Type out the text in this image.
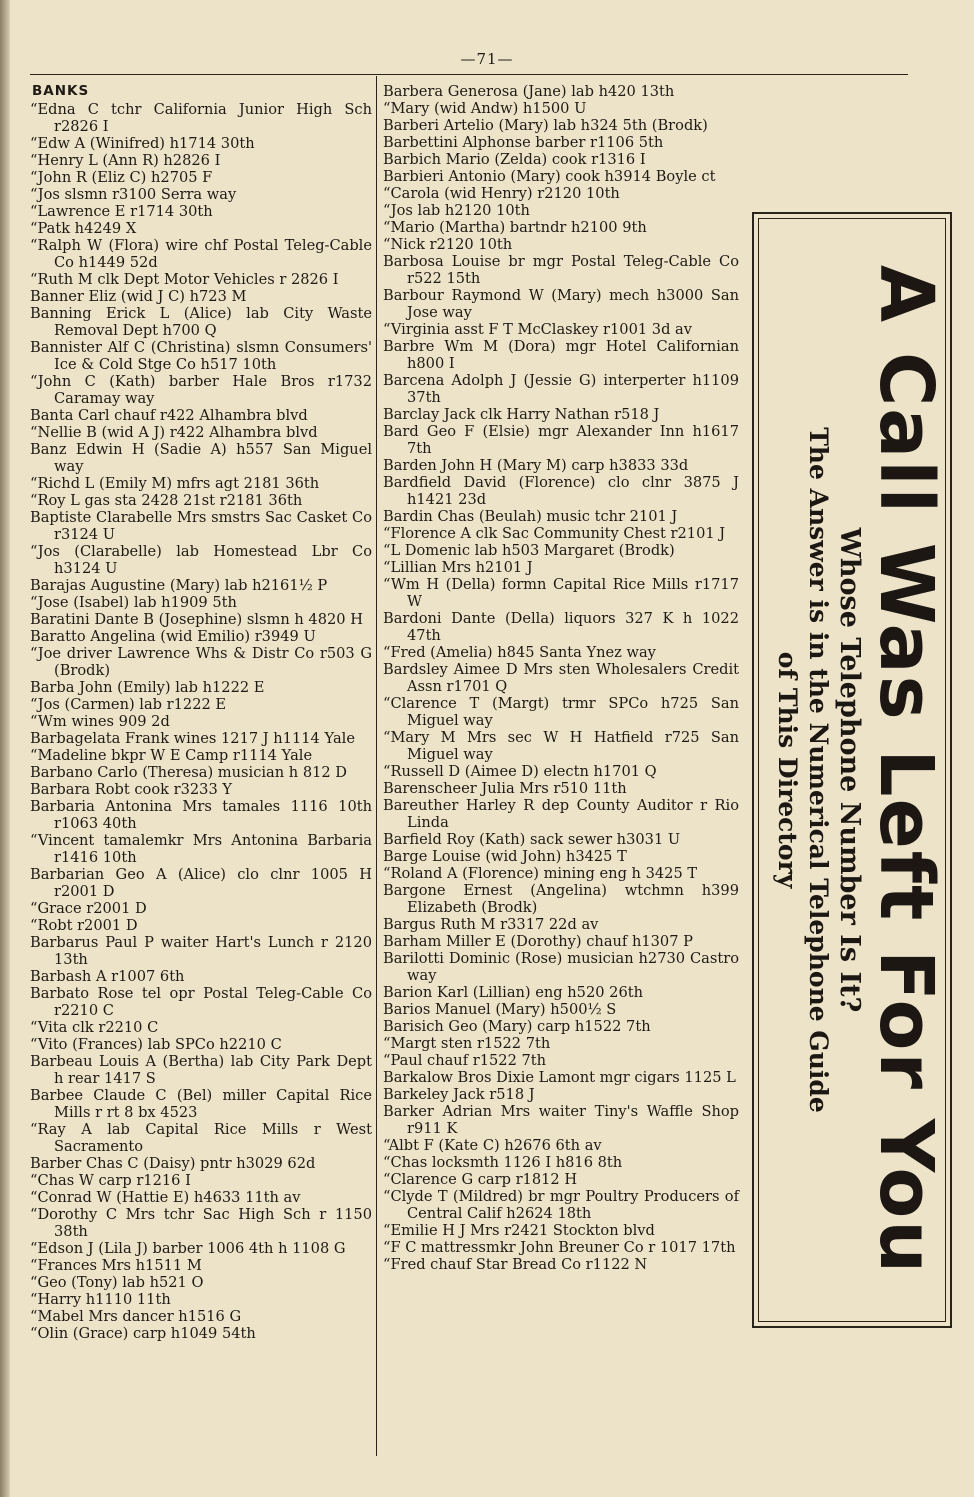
—71—
BANKS
“Edna C tchr California Junior High Sch r2826 I
“Edw A (Winifred) h1714 30th
“Henry L (Ann R) h2826 I
“John R (Eliz C) h2705 F
“Jos slsmn r3100 Serra way
“Lawrence E r1714 30th
“Patk h4249 X
“Ralph W (Flora) wire chf Postal Teleg-Cable Co h1449 52d
“Ruth M clk Dept Motor Vehicles r 2826 I
Banner Eliz (wid J C) h723 M
Banning Erick L (Alice) lab City Waste Removal Dept h700 Q
Bannister Alf C (Christina) slsmn Consumers' Ice & Cold Stge Co h517 10th
“John C (Kath) barber Hale Bros r1732 Caramay way
Banta Carl chauf r422 Alhambra blvd
“Nellie B (wid A J) r422 Alhambra blvd
Banz Edwin H (Sadie A) h557 San Miguel way
“Richd L (Emily M) mfrs agt 2181 36th
“Roy L gas sta 2428 21st r2181 36th
Baptiste Clarabelle Mrs smstrs Sac Casket Co r3124 U
“Jos (Clarabelle) lab Homestead Lbr Co h3124 U
Barajas Augustine (Mary) lab h2161½ P
“Jose (Isabel) lab h1909 5th
Baratini Dante B (Josephine) slsmn h 4820 H
Baratto Angelina (wid Emilio) r3949 U
“Joe driver Lawrence Whs & Distr Co r503 G (Brodk)
Barba John (Emily) lab h1222 E
“Jos (Carmen) lab r1222 E
“Wm wines 909 2d
Barbagelata Frank wines 1217 J h1114 Yale
“Madeline bkpr W E Camp r1114 Yale
Barbano Carlo (Theresa) musician h 812 D
Barbara Robt cook r3233 Y
Barbaria Antonina Mrs tamales 1116 10th r1063 40th
“Vincent tamalemkr Mrs Antonina Barbaria r1416 10th
Barbarian Geo A (Alice) clo clnr 1005 H r2001 D
“Grace r2001 D
“Robt r2001 D
Barbarus Paul P waiter Hart's Lunch r 2120 13th
Barbash A r1007 6th
Barbato Rose tel opr Postal Teleg-Cable Co r2210 C
“Vita clk r2210 C
“Vito (Frances) lab SPCo h2210 C
Barbeau Louis A (Bertha) lab City Park Dept h rear 1417 S
Barbee Claude C (Bel) miller Capital Rice Mills r rt 8 bx 4523
“Ray A lab Capital Rice Mills r West Sacramento
Barber Chas C (Daisy) pntr h3029 62d
“Chas W carp r1216 I
“Conrad W (Hattie E) h4633 11th av
“Dorothy C Mrs tchr Sac High Sch r 1150 38th
“Edson J (Lila J) barber 1006 4th h 1108 G
“Frances Mrs h1511 M
“Geo (Tony) lab h521 O
“Harry h1110 11th
“Mabel Mrs dancer h1516 G
“Olin (Grace) carp h1049 54th
Barbera Generosa (Jane) lab h420 13th
“Mary (wid Andw) h1500 U
Barberi Artelio (Mary) lab h324 5th (Brodk)
Barbettini Alphonse barber r1106 5th
Barbich Mario (Zelda) cook r1316 I
Barbieri Antonio (Mary) cook h3914 Boyle ct
“Carola (wid Henry) r2120 10th
“Jos lab h2120 10th
“Mario (Martha) bartndr h2100 9th
“Nick r2120 10th
Barbosa Louise br mgr Postal Teleg-Cable Co r522 15th
Barbour Raymond W (Mary) mech h3000 San Jose way
“Virginia asst F T McClaskey r1001 3d av
Barbre Wm M (Dora) mgr Hotel Californian h800 I
Barcena Adolph J (Jessie G) interperter h1109 37th
Barclay Jack clk Harry Nathan r518 J
Bard Geo F (Elsie) mgr Alexander Inn h1617 7th
Barden John H (Mary M) carp h3833 33d
Bardfield David (Florence) clo clnr 3875 J h1421 23d
Bardin Chas (Beulah) music tchr 2101 J
“Florence A clk Sac Community Chest r2101 J
“L Domenic lab h503 Margaret (Brodk)
“Lillian Mrs h2101 J
“Wm H (Della) formn Capital Rice Mills r1717 W
Bardoni Dante (Della) liquors 327 K h 1022 47th
“Fred (Amelia) h845 Santa Ynez way
Bardsley Aimee D Mrs sten Wholesalers Credit Assn r1701 Q
“Clarence T (Margt) trmr SPCo h725 San Miguel way
“Mary M Mrs sec W H Hatfield r725 San Miguel way
“Russell D (Aimee D) electn h1701 Q
Barenscheer Julia Mrs r510 11th
Bareuther Harley R dep County Auditor r Rio Linda
Barfield Roy (Kath) sack sewer h3031 U
Barge Louise (wid John) h3425 T
“Roland A (Florence) mining eng h 3425 T
Bargone Ernest (Angelina) wtchmn h399 Elizabeth (Brodk)
Bargus Ruth M r3317 22d av
Barham Miller E (Dorothy) chauf h1307 P
Barilotti Dominic (Rose) musician h2730 Castro way
Barion Karl (Lillian) eng h520 26th
Barios Manuel (Mary) h500½ S
Barisich Geo (Mary) carp h1522 7th
“Margt sten r1522 7th
“Paul chauf r1522 7th
Barkalow Bros Dixie Lamont mgr cigars 1125 L
Barkeley Jack r518 J
Barker Adrian Mrs waiter Tiny's Waffle Shop r911 K
“Albt F (Kate C) h2676 6th av
“Chas locksmth 1126 I h816 8th
“Clarence G carp r1812 H
“Clyde T (Mildred) br mgr Poultry Producers of Central Calif h2624 18th
“Emilie H J Mrs r2421 Stockton blvd
“F C mattressmkr John Breuner Co r 1017 17th
“Fred chauf Star Bread Co r1122 N	A Call Was Left For You
Whose Telephone Number Is It?
The Answer is in the Numerical Telephone Guide
of This Directory
